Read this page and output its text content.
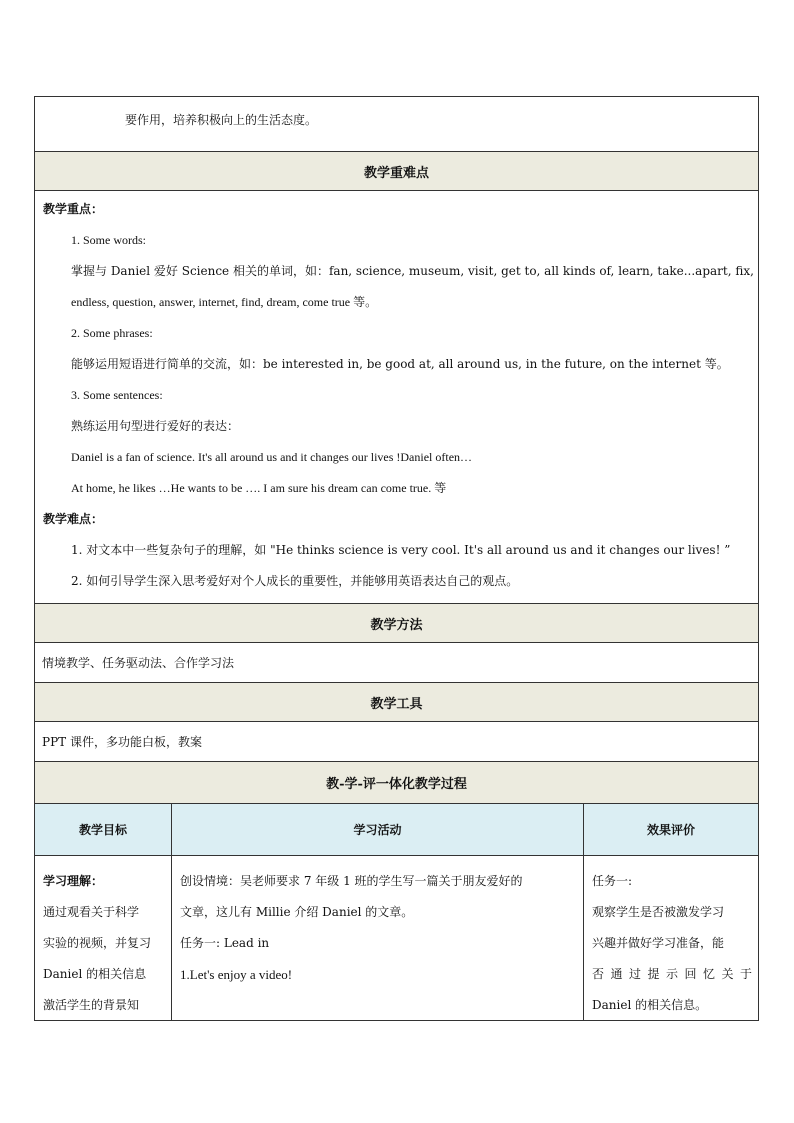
要作用，培养积极向上的生活态度。
教学重难点
教学重点：
1. Some words:
掌握与 Daniel 爱好 Science 相关的单词，如：fan, science, museum, visit, get to, all kinds of, learn, take...apart, fix,
endless, question, answer, internet, find, dream, come true 等。
2. Some phrases:
能够运用短语进行简单的交流，如：be interested in, be good at, all around us, in the future, on the internet 等。
3. Some sentences:
熟练运用句型进行爱好的表达：
Daniel is a fan of science. It's all around us and it changes our lives !Daniel often…
At home, he likes …He wants to be …. I am sure his dream can come true. 等
教学难点：
1. 对文本中一些复杂句子的理解，如 "He thinks science is very cool. It's all around us and it changes our lives! ”
2. 如何引导学生深入思考爱好对个人成长的重要性，并能够用英语表达自己的观点。
教学方法
情境教学、任务驱动法、合作学习法
教学工具
PPT 课件，多功能白板，教案
教-学-评一体化教学过程
教学目标	学习活动	效果评价
学习理解：
通过观看关于科学
实验的视频，并复习
Daniel 的相关信息
激活学生的背景知
创设情境：吴老师要求 7 年级 1 班的学生写一篇关于朋友爱好的
文章，这儿有 Millie 介绍 Daniel 的文章。
任务一: Lead in
1.Let's enjoy a video!
任务一:
观察学生是否被激发学习
兴趣并做好学习准备，能
否通过提示回忆关于
Daniel 的相关信息。
